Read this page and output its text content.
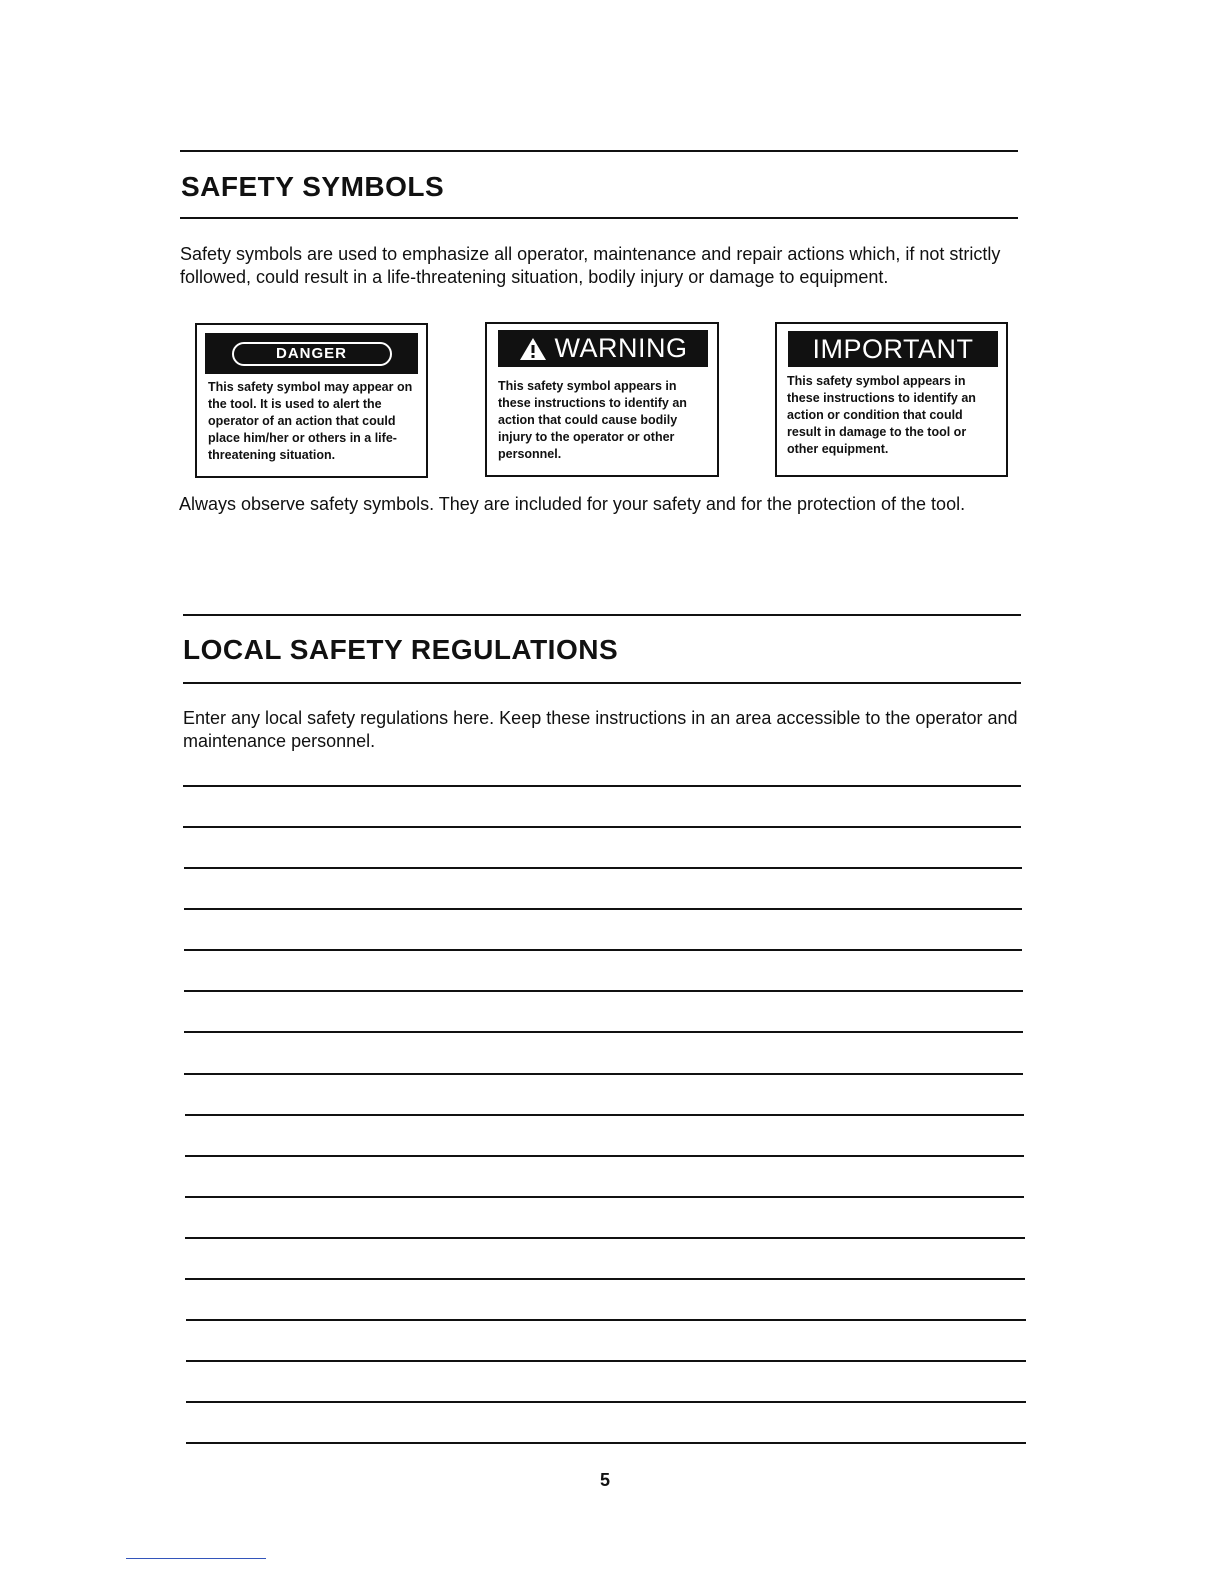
SAFETY SYMBOLS

Safety symbols are used to emphasize all operator, maintenance and repair actions which, if not strictly followed, could result in a life-threatening situation, bodily injury or damage to equipment.

DANGER

This safety symbol may appear on the tool. It is used to alert the operator of an action that could place him/her or others in a life-threatening situation.

WARNING

This safety symbol appears in these instructions to identify an action that could cause bodily injury to the operator or other personnel.

IMPORTANT

This safety symbol appears in these instructions to identify an action or condition that could result in damage to the tool or other equipment.

Always observe safety symbols. They are included for your safety and for the protection of the tool.

LOCAL SAFETY REGULATIONS

Enter any local safety regulations here. Keep these instructions in an area accessible to the operator and maintenance personnel.

5
